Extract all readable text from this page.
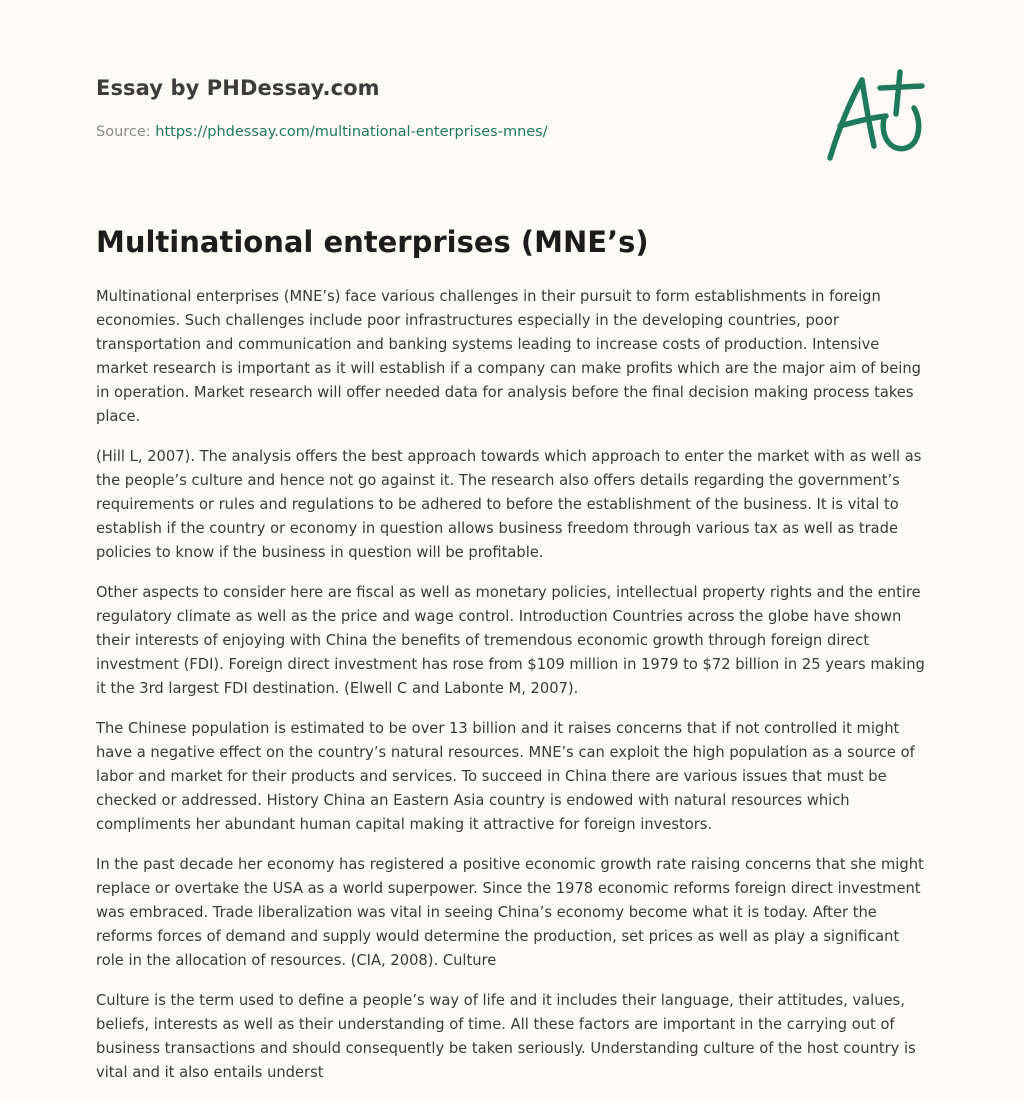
Essay by PHDessay.com
Source: https://phdessay.com/multinational-enterprises-mnes/
Multinational enterprises (MNE’s)

Multinational enterprises (MNE’s) face various challenges in their pursuit to form establishments in foreign economies. Such challenges include poor infrastructures especially in the developing countries, poor transportation and communication and banking systems leading to increase costs of production. Intensive market research is important as it will establish if a company can make profits which are the major aim of being in operation. Market research will offer needed data for analysis before the final decision making process takes place.

(Hill L, 2007). The analysis offers the best approach towards which approach to enter the market with as well as the people’s culture and hence not go against it. The research also offers details regarding the government’s requirements or rules and regulations to be adhered to before the establishment of the business. It is vital to establish if the country or economy in question allows business freedom through various tax as well as trade policies to know if the business in question will be profitable.

Other aspects to consider here are fiscal as well as monetary policies, intellectual property rights and the entire regulatory climate as well as the price and wage control. Introduction Countries across the globe have shown their interests of enjoying with China the benefits of tremendous economic growth through foreign direct investment (FDI). Foreign direct investment has rose from $109 million in 1979 to $72 billion in 25 years making it the 3rd largest FDI destination. (Elwell C and Labonte M, 2007).

The Chinese population is estimated to be over 13 billion and it raises concerns that if not controlled it might have a negative effect on the country’s natural resources. MNE’s can exploit the high population as a source of labor and market for their products and services. To succeed in China there are various issues that must be checked or addressed. History China an Eastern Asia country is endowed with natural resources which compliments her abundant human capital making it attractive for foreign investors.

In the past decade her economy has registered a positive economic growth rate raising concerns that she might replace or overtake the USA as a world superpower. Since the 1978 economic reforms foreign direct investment was embraced. Trade liberalization was vital in seeing China’s economy become what it is today. After the reforms forces of demand and supply would determine the production, set prices as well as play a significant role in the allocation of resources. (CIA, 2008). Culture

Culture is the term used to define a people’s way of life and it includes their language, their attitudes, values, beliefs, interests as well as their understanding of time. All these factors are important in the carrying out of business transactions and should consequently be taken seriously. Understanding culture of the host country is vital and it also entails underst
